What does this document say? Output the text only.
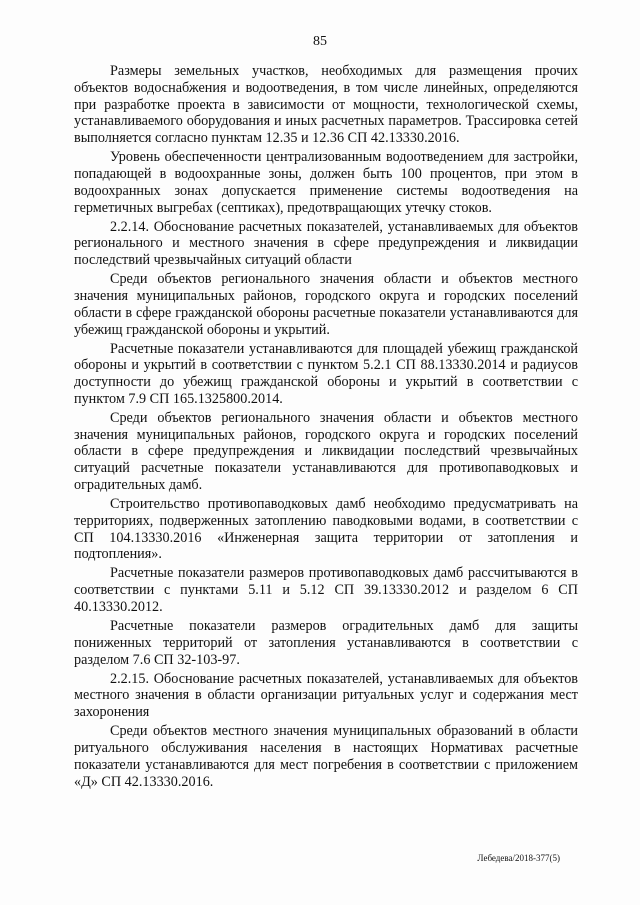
85

Размеры земельных участков, необходимых для размещения прочих объектов водоснабжения и водоотведения, в том числе линейных, определяются при разработке проекта в зависимости от мощности, технологической схемы, устанавливаемого оборудования и иных расчетных параметров. Трассировка сетей выполняется согласно пунктам 12.35 и 12.36 СП 42.13330.2016.

Уровень обеспеченности централизованным водоотведением для застройки, попадающей в водоохранные зоны, должен быть 100 процентов, при этом в водоохранных зонах допускается применение системы водоотведения на герметичных выгребах (септиках), предотвращающих утечку стоков.

2.2.14. Обоснование расчетных показателей, устанавливаемых для объектов регионального и местного значения в сфере предупреждения и ликвидации последствий чрезвычайных ситуаций области

Среди объектов регионального значения области и объектов местного значения муниципальных районов, городского округа и городских поселений области в сфере гражданской обороны расчетные показатели устанавливаются для убежищ гражданской обороны и укрытий.

Расчетные показатели устанавливаются для площадей убежищ гражданской обороны и укрытий в соответствии с пунктом 5.2.1 СП 88.13330.2014 и радиусов доступности до убежищ гражданской обороны и укрытий в соответствии с пунктом 7.9 СП 165.1325800.2014.

Среди объектов регионального значения области и объектов местного значения муниципальных районов, городского округа и городских поселений области в сфере предупреждения и ликвидации последствий чрезвычайных ситуаций расчетные показатели устанавливаются для противопаводковых и оградительных дамб.

Строительство противопаводковых дамб необходимо предусматривать на территориях, подверженных затоплению паводковыми водами, в соответствии с СП 104.13330.2016 «Инженерная защита территории от затопления и подтопления».

Расчетные показатели размеров противопаводковых дамб рассчитываются в соответствии с пунктами 5.11 и 5.12 СП 39.13330.2012 и разделом 6 СП 40.13330.2012.

Расчетные показатели размеров оградительных дамб для защиты пониженных территорий от затопления устанавливаются в соответствии с разделом 7.6 СП 32-103-97.

2.2.15. Обоснование расчетных показателей, устанавливаемых для объектов местного значения в области организации ритуальных услуг и содержания мест захоронения

Среди объектов местного значения муниципальных образований в области ритуального обслуживания населения в настоящих Нормативах расчетные показатели устанавливаются для мест погребения в соответствии с приложением «Д» СП 42.13330.2016.

Лебедева/2018-377(5)
